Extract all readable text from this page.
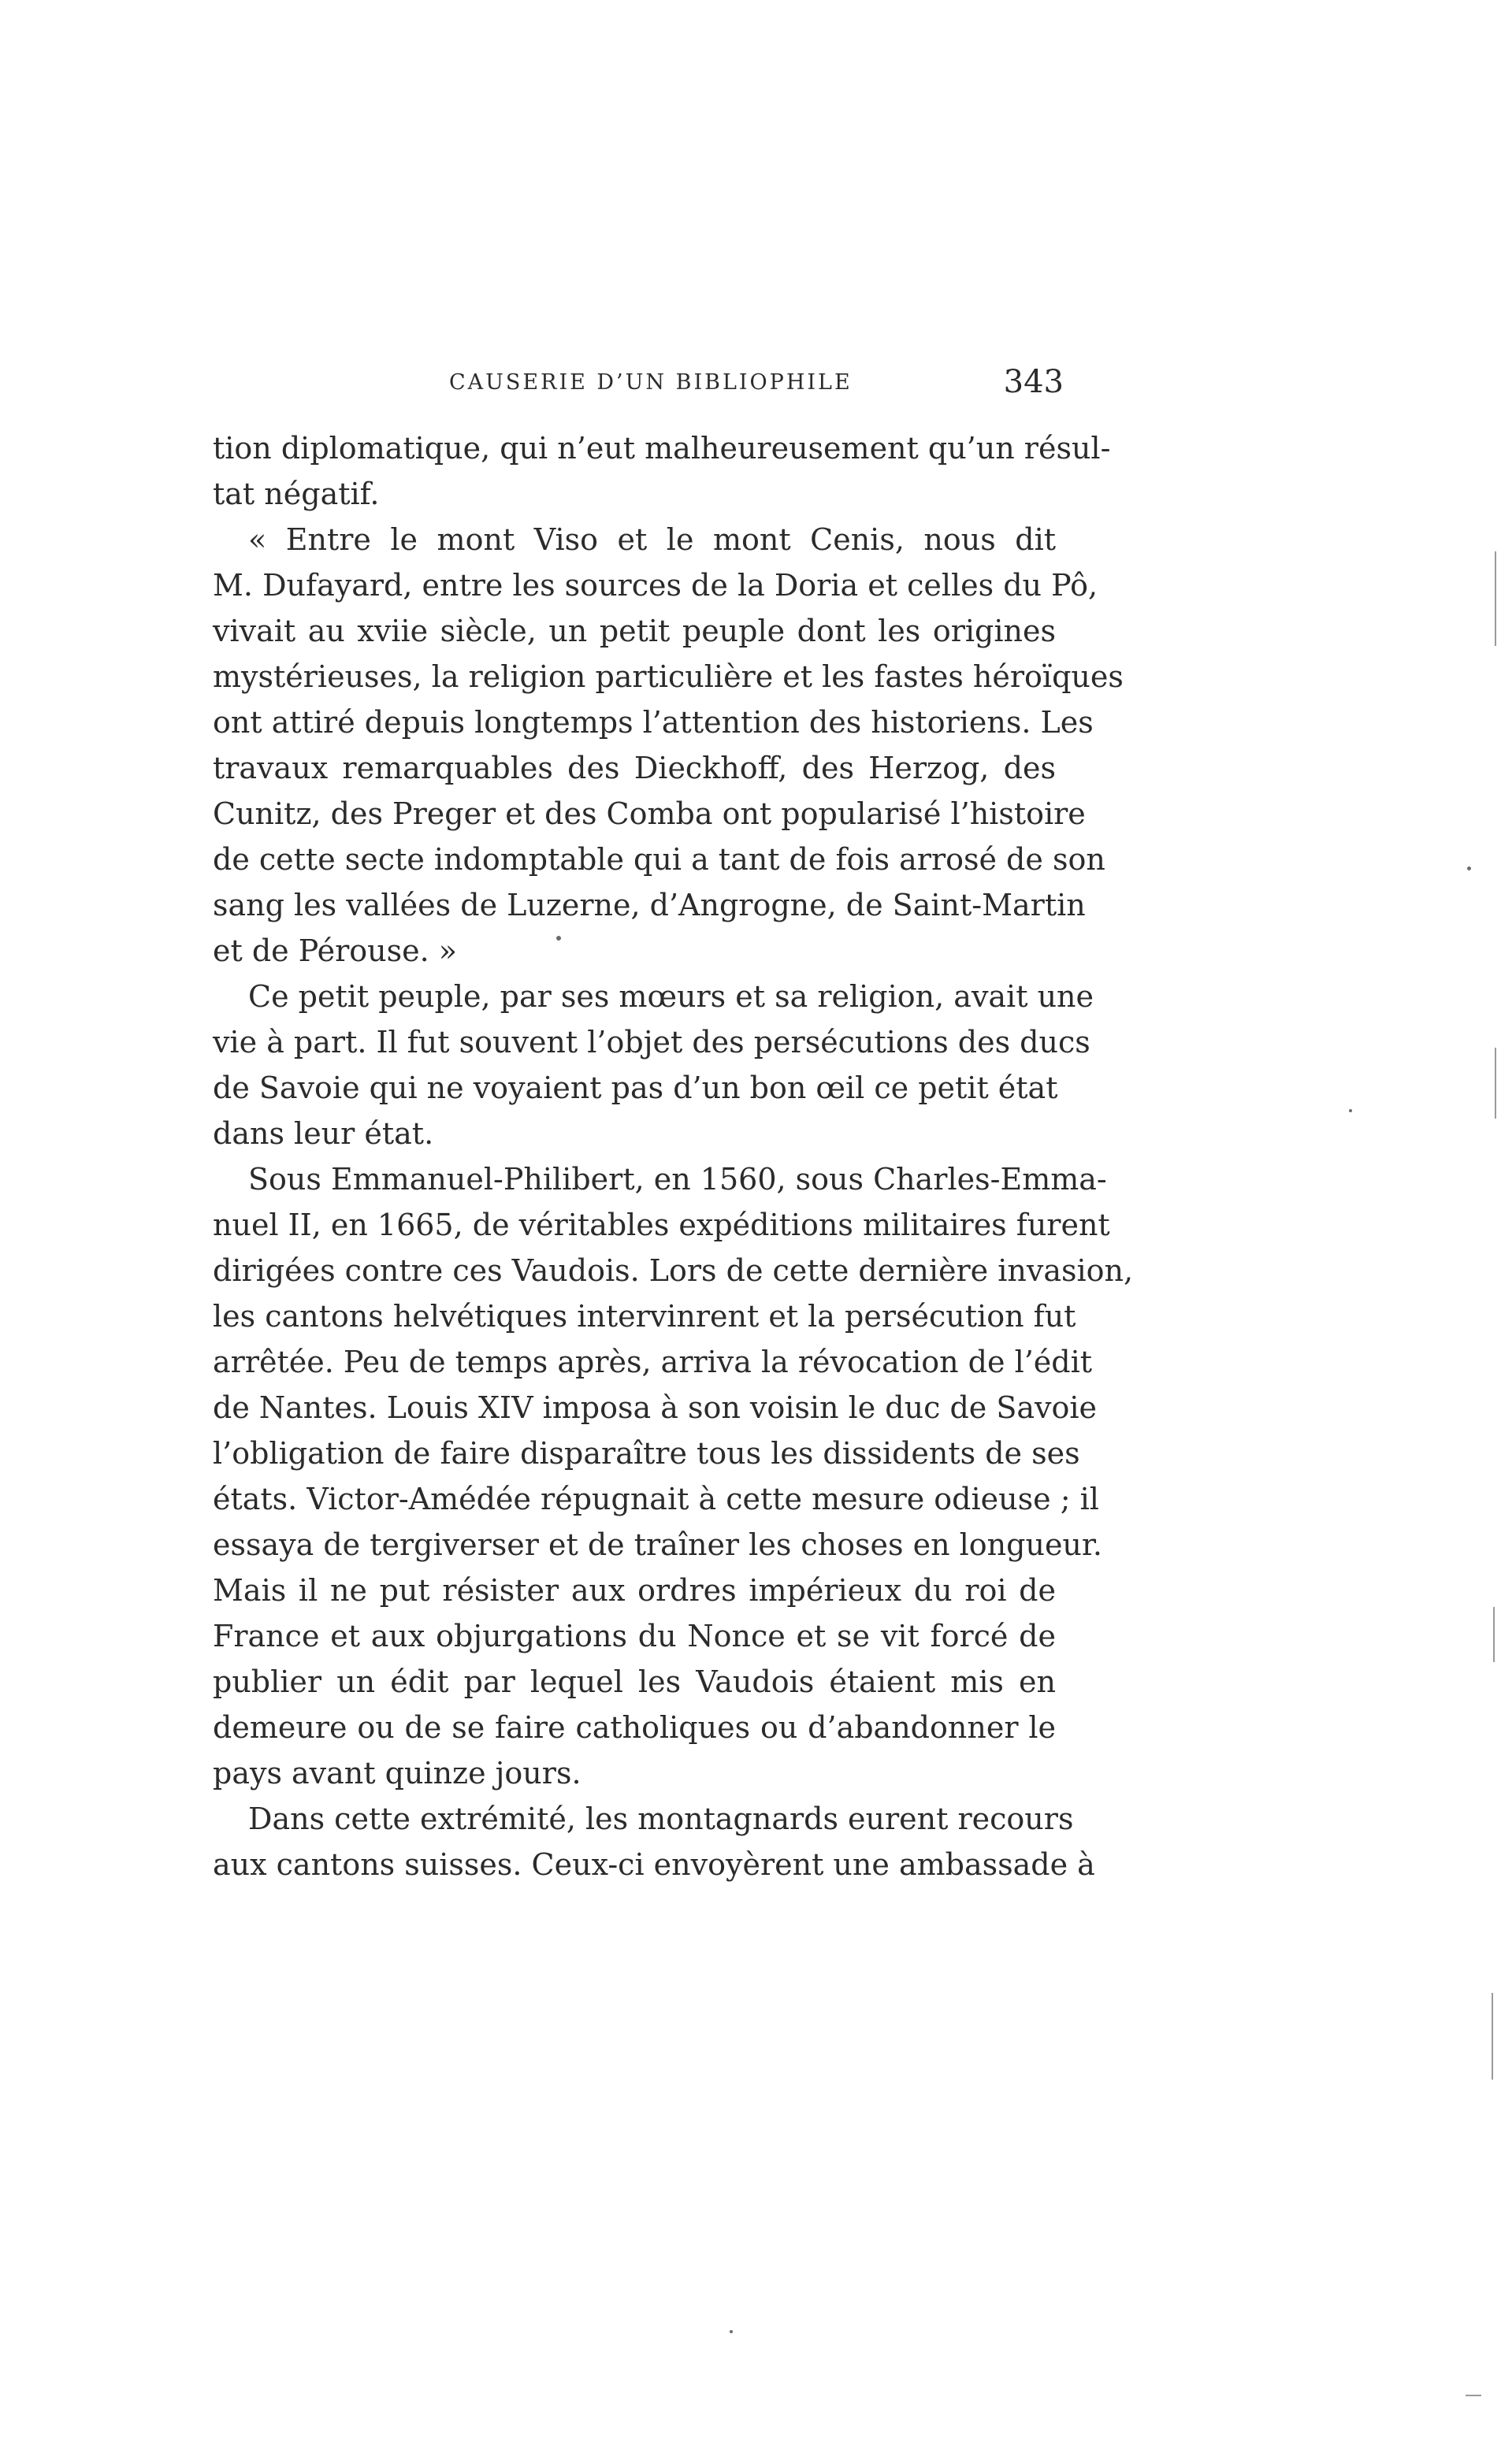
CAUSERIE D’UN BIBLIOPHILE	343

tion diplomatique, qui n’eut malheureusement qu’un résul-
tat négatif.

« Entre le mont Viso et le mont Cenis, nous dit
M. Dufayard, entre les sources de la Doria et celles du Pô,
vivait au xviie siècle, un petit peuple dont les origines
mystérieuses, la religion particulière et les fastes héroïques
ont attiré depuis longtemps l’attention des historiens. Les
travaux remarquables des Dieckhoff, des Herzog, des
Cunitz, des Preger et des Comba ont popularisé l’histoire
de cette secte indomptable qui a tant de fois arrosé de son
sang les vallées de Luzerne, d’Angrogne, de Saint-Martin
et de Pérouse. »

Ce petit peuple, par ses mœurs et sa religion, avait une
vie à part. Il fut souvent l’objet des persécutions des ducs
de Savoie qui ne voyaient pas d’un bon œil ce petit état
dans leur état.

Sous Emmanuel-Philibert, en 1560, sous Charles-Emma-
nuel II, en 1665, de véritables expéditions militaires furent
dirigées contre ces Vaudois. Lors de cette dernière invasion,
les cantons helvétiques intervinrent et la persécution fut
arrêtée. Peu de temps après, arriva la révocation de l’édit
de Nantes. Louis XIV imposa à son voisin le duc de Savoie
l’obligation de faire disparaître tous les dissidents de ses
états. Victor-Amédée répugnait à cette mesure odieuse ; il
essaya de tergiverser et de traîner les choses en longueur.
Mais il ne put résister aux ordres impérieux du roi de
France et aux objurgations du Nonce et se vit forcé de
publier un édit par lequel les Vaudois étaient mis en
demeure ou de se faire catholiques ou d’abandonner le
pays avant quinze jours.

Dans cette extrémité, les montagnards eurent recours
aux cantons suisses. Ceux-ci envoyèrent une ambassade à
